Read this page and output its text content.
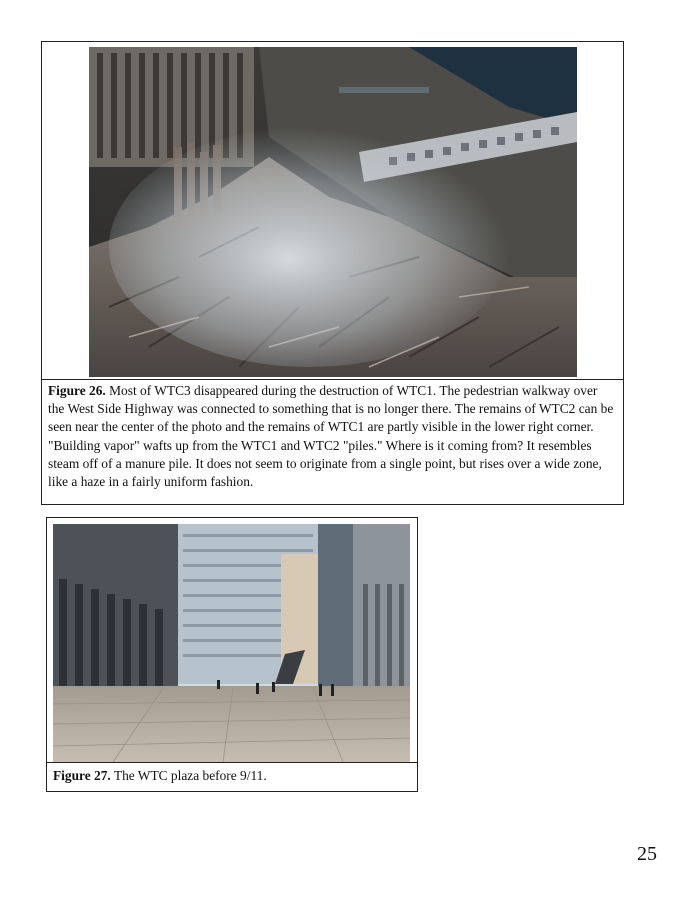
Figure 26. Most of WTC3 disappeared during the destruction of WTC1. The pedestrian walkway over the West Side Highway was connected to something that is no longer there. The remains of WTC2 can be seen near the center of the photo and the remains of WTC1 are partly visible in the lower right corner.

"Building vapor" wafts up from the WTC1 and WTC2 "piles." Where is it coming from? It resembles steam off of a manure pile. It does not seem to originate from a single point, but rises over a wide zone, like a haze in a fairly uniform fashion.

Figure 27. The WTC plaza before 9/11.

25
